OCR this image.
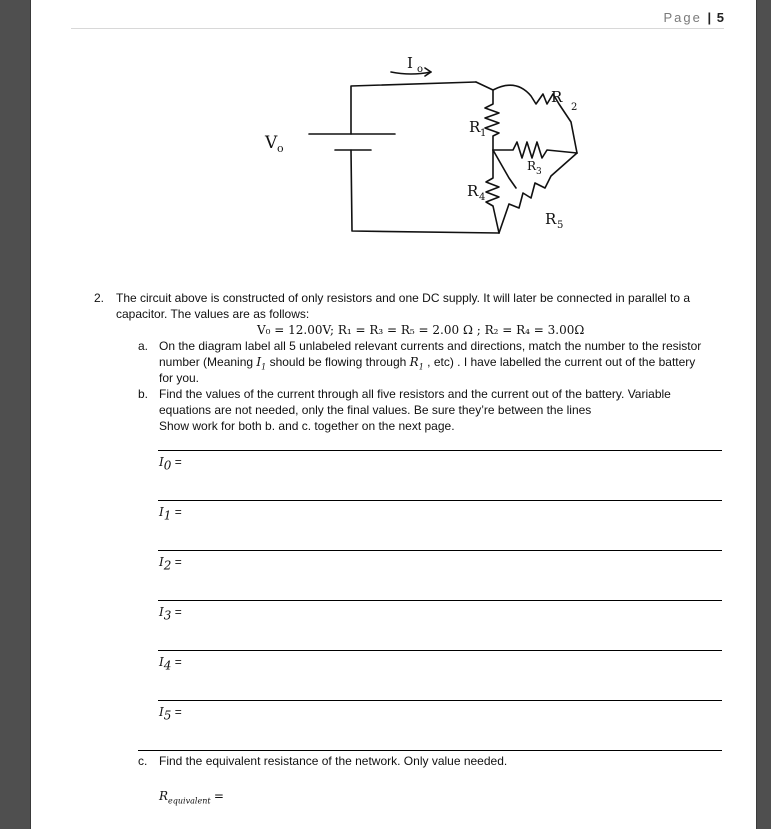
Page | 5
I o
V o
R 1
R
2
R 3
R 4
R 5
2. The circuit above is constructed of only resistors and one DC supply. It will later be connected in parallel to a
capacitor. The values are as follows:
V₀ = 12.00V; R₁ = R₃ = R₅ = 2.00 Ω ; R₂ = R₄ = 3.00Ω
a. On the diagram label all 5 unlabeled relevant currents and directions, match the number to the resistor
number (Meaning $I_1$ should be flowing through $R_1$ , etc) . I have labelled the current out of the battery
for you.
b. Find the values of the current through all five resistors and the current out of the battery. Variable
equations are not needed, only the final values. Be sure they’re between the lines
Show work for both b. and c. together on the next page.
$I_0$ =
$I_1$ =
$I_2$ =
$I_3$ =
$I_4$ =
$I_5$ =
c. Find the equivalent resistance of the network. Only value needed.
$R_{equivalent}$ =
